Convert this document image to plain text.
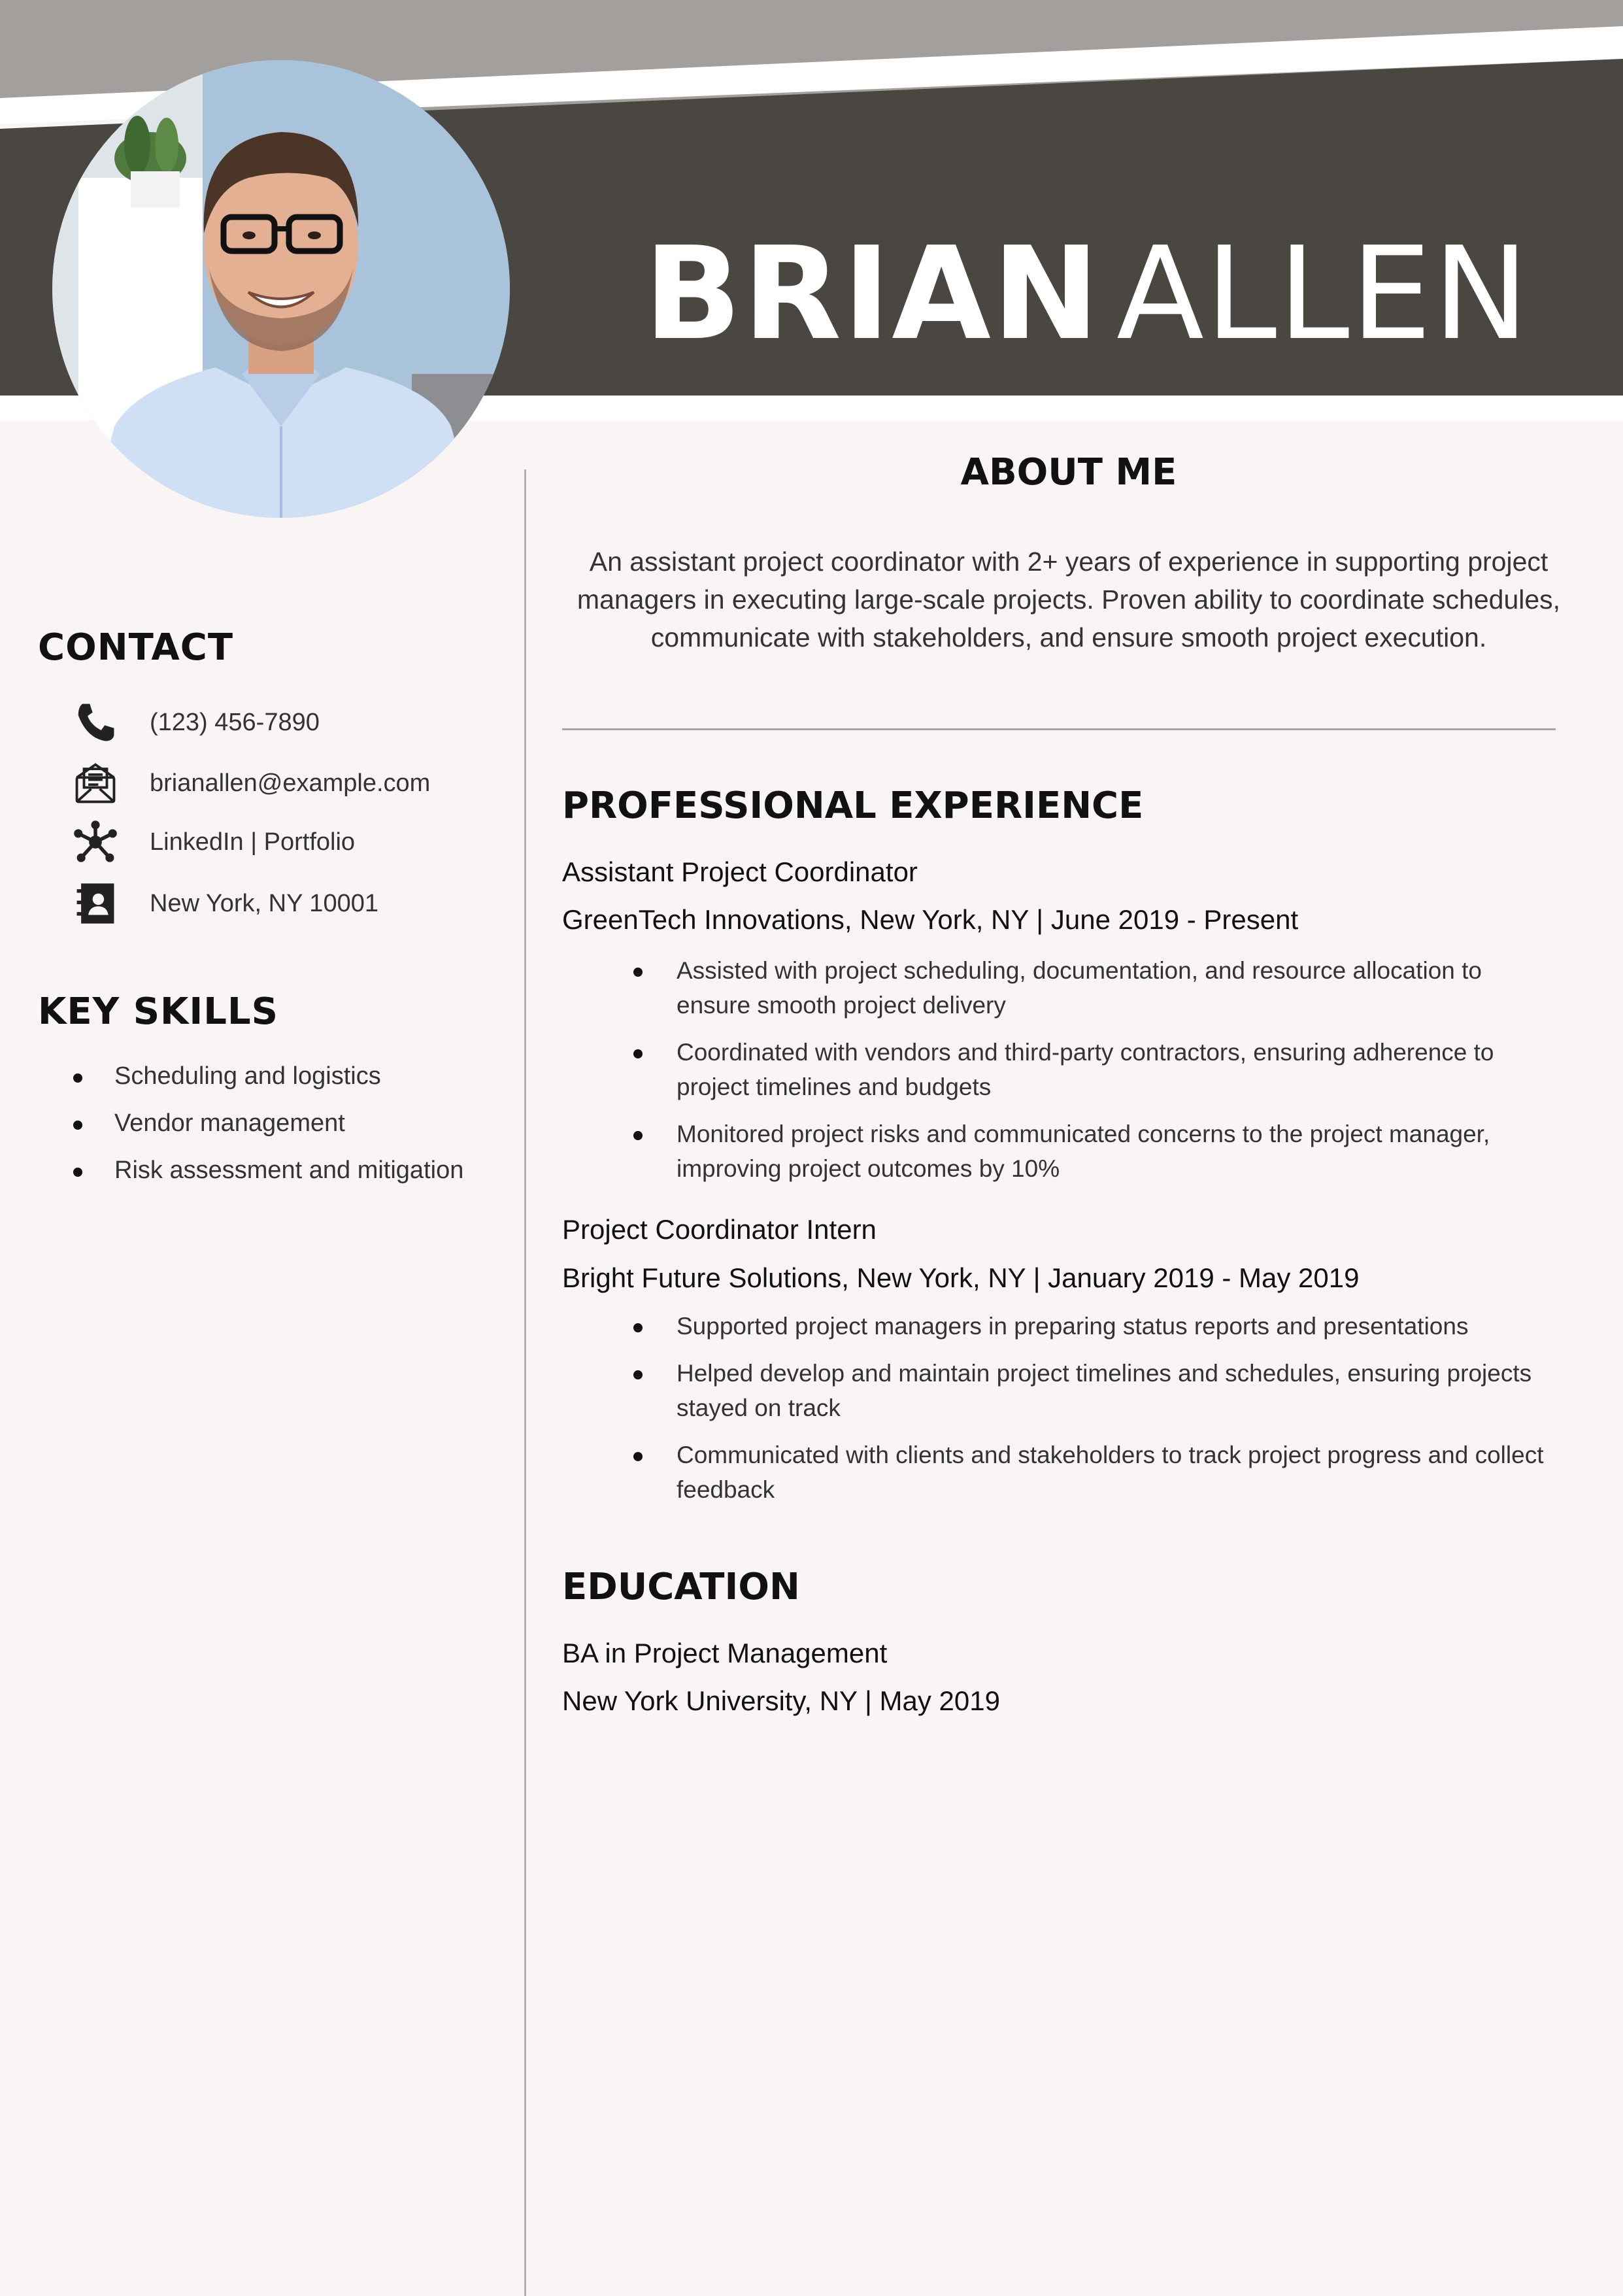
BRIAN ALLEN
CONTACT
(123) 456-7890
brianallen@example.com
LinkedIn | Portfolio
New York, NY 10001
KEY SKILLS
Scheduling and logistics
Vendor management
Risk assessment and mitigation
ABOUT ME
An assistant project coordinator with 2+ years of experience in supporting project managers in executing large-scale projects. Proven ability to coordinate schedules, communicate with stakeholders, and ensure smooth project execution.
PROFESSIONAL EXPERIENCE
Assistant Project Coordinator
GreenTech Innovations, New York, NY | June 2019 - Present
Assisted with project scheduling, documentation, and resource allocation to ensure smooth project delivery
Coordinated with vendors and third-party contractors, ensuring adherence to project timelines and budgets
Monitored project risks and communicated concerns to the project manager, improving project outcomes by 10%
Project Coordinator Intern
Bright Future Solutions, New York, NY | January 2019 - May 2019
Supported project managers in preparing status reports and presentations
Helped develop and maintain project timelines and schedules, ensuring projects stayed on track
Communicated with clients and stakeholders to track project progress and collect feedback
EDUCATION
BA in Project Management
New York University, NY | May 2019
